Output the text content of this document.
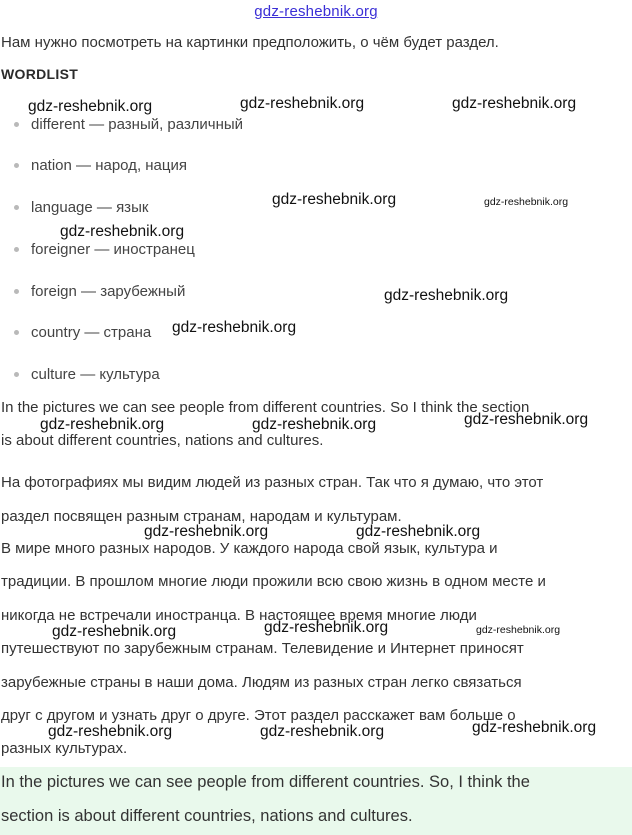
gdz-reshebnik.org
Нам нужно посмотреть на картинки предположить, о чём будет раздел.
WORDLIST
different — разный, различный
nation — народ, нация
language — язык
foreigner — иностранец
foreign — зарубежный
country — страна
culture — культура
In the pictures we can see people from different countries. So I think the section
is about different countries, nations and cultures.
На фотографиях мы видим людей из разных стран. Так что я думаю, что этот
раздел посвящен разным странам, народам и культурам.
В мире много разных народов. У каждого народа свой язык, культура и
традиции. В прошлом многие люди прожили всю свою жизнь в одном месте и
никогда не встречали иностранца. В настоящее время многие люди
путешествуют по зарубежным странам. Телевидение и Интернет приносят
зарубежные страны в наши дома. Людям из разных стран легко связаться
друг с другом и узнать друг о друге. Этот раздел расскажет вам больше о
разных культурах.
In the pictures we can see people from different countries. So, I think the
section is about different countries, nations and cultures.
gdz-reshebnik.org	gdz-reshebnik.org	gdz-reshebnik.org
gdz-reshebnik.org	gdz-reshebnik.org
gdz-reshebnik.org
gdz-reshebnik.org
gdz-reshebnik.org
gdz-reshebnik.org	gdz-reshebnik.org	gdz-reshebnik.org
gdz-reshebnik.org	gdz-reshebnik.org
gdz-reshebnik.org	gdz-reshebnik.org	gdz-reshebnik.org
gdz-reshebnik.org	gdz-reshebnik.org	gdz-reshebnik.org
